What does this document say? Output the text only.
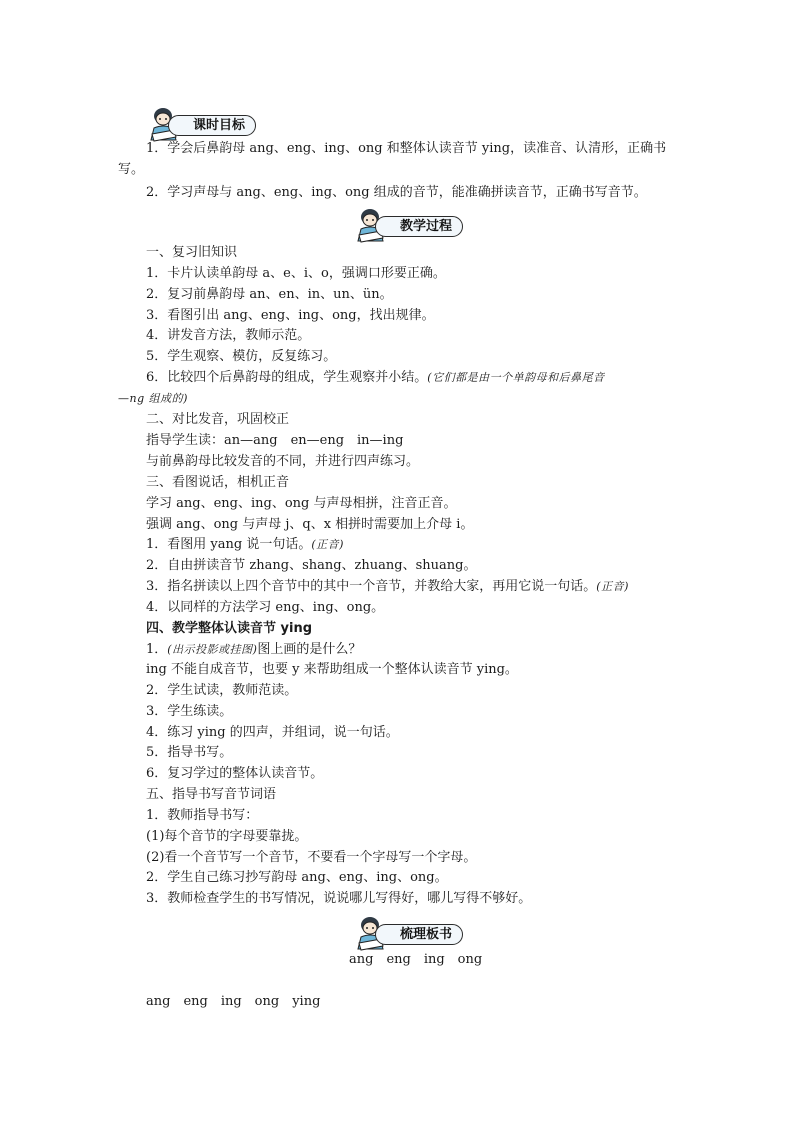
课时目标
1．学会后鼻韵母 ang、eng、ing、ong 和整体认读音节 ying，读准音、认清形，正确书
写。
2．学习声母与 ang、eng、ing、ong 组成的音节，能准确拼读音节，正确书写音节。
教学过程
一、复习旧知识
1．卡片认读单韵母 a、e、i、o，强调口形要正确。
2．复习前鼻韵母 an、en、in、un、ün。
3．看图引出 ang、eng、ing、ong，找出规律。
4．讲发音方法，教师示范。
5．学生观察、模仿，反复练习。
6．比较四个后鼻韵母的组成，学生观察并小结。(它们都是由一个单韵母和后鼻尾音
—ng 组成的)
二、对比发音，巩固校正
指导学生读：an—ang　en—eng　in—ing
与前鼻韵母比较发音的不同，并进行四声练习。
三、看图说话，相机正音
学习 ang、eng、ing、ong 与声母相拼，注音正音。
强调 ang、ong 与声母 j、q、x 相拼时需要加上介母 i。
1．看图用 yang 说一句话。(正音)
2．自由拼读音节 zhang、shang、zhuang、shuang。
3．指名拼读以上四个音节中的其中一个音节，并教给大家，再用它说一句话。(正音)
4．以同样的方法学习 eng、ing、ong。
四、教学整体认读音节 ying
1．(出示投影或挂图)图上画的是什么？
ing 不能自成音节，也要 y 来帮助组成一个整体认读音节 ying。
2．学生试读，教师范读。
3．学生练读。
4．练习 ying 的四声，并组词，说一句话。
5．指导书写。
6．复习学过的整体认读音节。
五、指导书写音节词语
1．教师指导书写：
(1)每个音节的字母要靠拢。
(2)看一个音节写一个音节，不要看一个字母写一个字母。
2．学生自己练习抄写韵母 ang、eng、ing、ong。
3．教师检查学生的书写情况，说说哪儿写得好，哪儿写得不够好。
梳理板书
ang　eng　ing　ong
ang　eng　ing　ong　ying
